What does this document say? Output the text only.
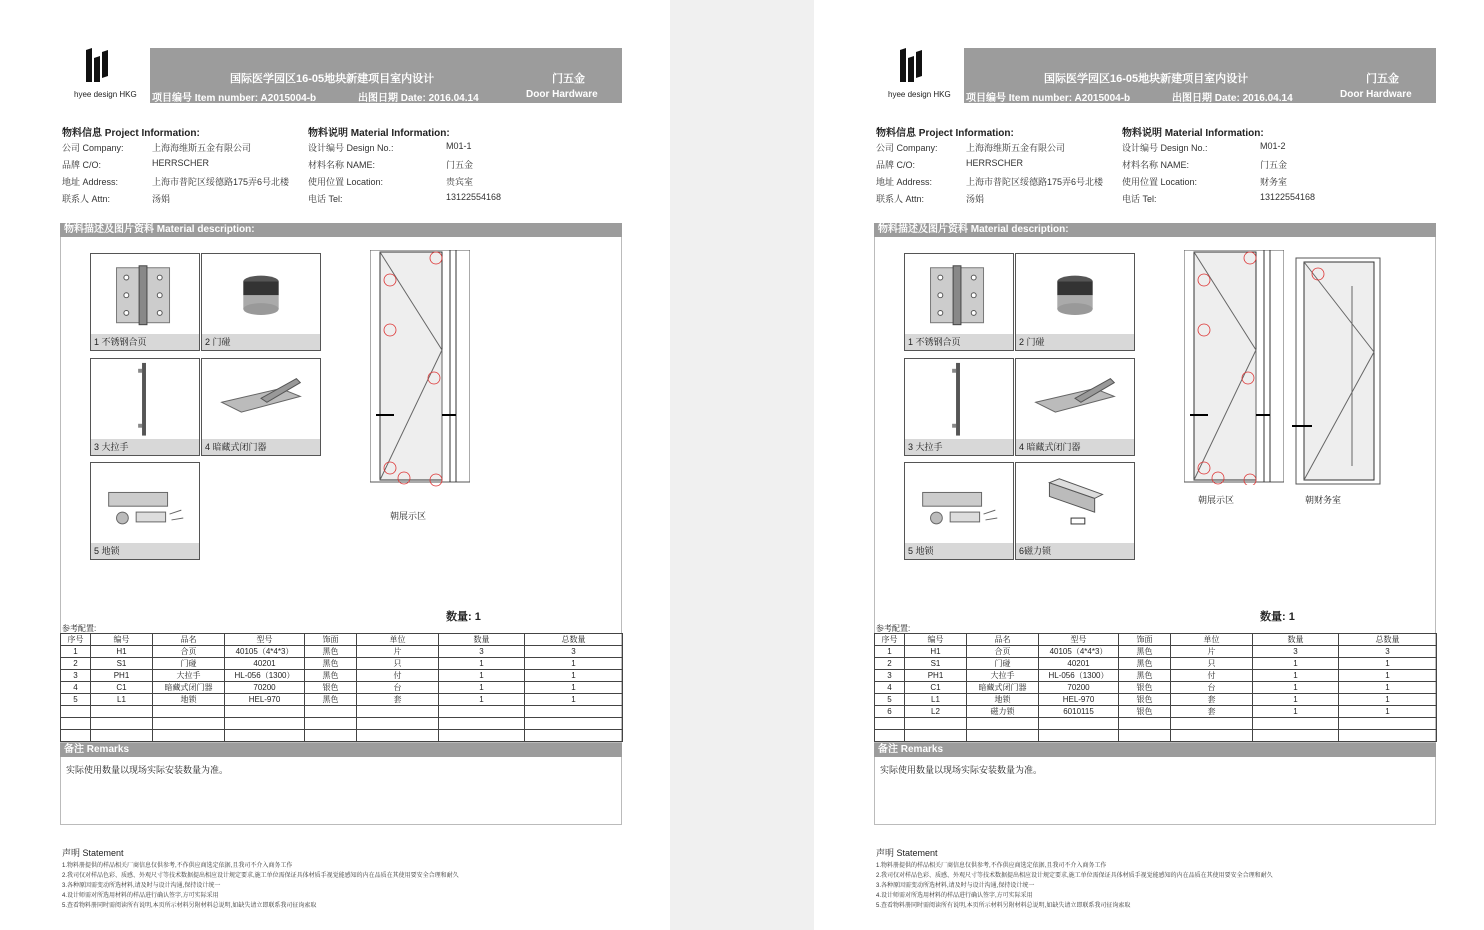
hyee design HKG
国际医学园区16-05地块新建项目室内设计	门五金
项目编号 Item number: A2015004-b	出图日期 Date: 2016.04.14	Door Hardware
物料信息 Project Information:
公司 Company:	上海海维斯五金有限公司
品牌 C/O:	HERRSCHER
地址 Address:	上海市普陀区绥德路175弄6号北楼
联系人 Attn:	汤娟
物料说明 Material Information:
设计编号 Design No.:	M01-1
材料名称 NAME:	门五金
使用位置 Location:	贵宾室
电话 Tel:	13122554168
物料描述及图片资料 Material description:
1 不锈钢合页	2 门碰
3 大拉手	4 暗藏式闭门器
5 地锁
朝展示区
数量: 1
参考配置:
序号	编号	品名	型号	饰面	单位	数量	总数量
1	H1	合页	40105（4*4*3）	黑色	片	3	3
2	S1	门碰	40201	黑色	只	1	1
3	PH1	大拉手	HL-056（1300）	黑色	付	1	1
4	C1	暗藏式闭门器	70200	银色	台	1	1
5	L1	地锁	HEL-970	黑色	套	1	1

备注 Remarks
实际使用数量以现场实际安装数量为准。
声明 Statement
1.物料册提供的样品相关厂商信息仅供参考,不作供应商选定依据,且我司不介入商务工作
2.我司仅对样品色彩、质感、外观尺寸等技术数据提出相应设计规定要求,施工单位需保证具体材质手视觉能感知的内在品质在其使用要安全合理和耐久
3.各种原因需变动所选材料,请及时与设计沟通,保持设计统一
4.设计师需对所选用材料的样品进行确认签字,方可实际采用
5.查看物料册同时需阅读所有说明,本页所示材料另附材料总说明,如缺失请立即联系我司征询索取
hyee design HKG
国际医学园区16-05地块新建项目室内设计	门五金
项目编号 Item number: A2015004-b	出图日期 Date: 2016.04.14	Door Hardware
物料信息 Project Information:
公司 Company:	上海海维斯五金有限公司
品牌 C/O:	HERRSCHER
地址 Address:	上海市普陀区绥德路175弄6号北楼
联系人 Attn:	汤娟
物料说明 Material Information:
设计编号 Design No.:	M01-2
材料名称 NAME:	门五金
使用位置 Location:	财务室
电话 Tel:	13122554168
物料描述及图片资料 Material description:
1 不锈钢合页	2 门碰
3 大拉手	4 暗藏式闭门器
5 地锁	6磁力锁
朝展示区	朝财务室
数量: 1
参考配置:
序号	编号	品名	型号	饰面	单位	数量	总数量
1	H1	合页	40105（4*4*3）	黑色	片	3	3
2	S1	门碰	40201	黑色	只	1	1
3	PH1	大拉手	HL-056（1300）	黑色	付	1	1
4	C1	暗藏式闭门器	70200	银色	台	1	1
5	L1	地锁	HEL-970	银色	套	1	1
6	L2	磁力锁	6010115	银色	套	1	1

备注 Remarks
实际使用数量以现场实际安装数量为准。
声明 Statement
1.物料册提供的样品相关厂商信息仅供参考,不作供应商选定依据,且我司不介入商务工作
2.我司仅对样品色彩、质感、外观尺寸等技术数据提出相应设计规定要求,施工单位需保证具体材质手视觉能感知的内在品质在其使用要安全合理和耐久
3.各种原因需变动所选材料,请及时与设计沟通,保持设计统一
4.设计师需对所选用材料的样品进行确认签字,方可实际采用
5.查看物料册同时需阅读所有说明,本页所示材料另附材料总说明,如缺失请立即联系我司征询索取
